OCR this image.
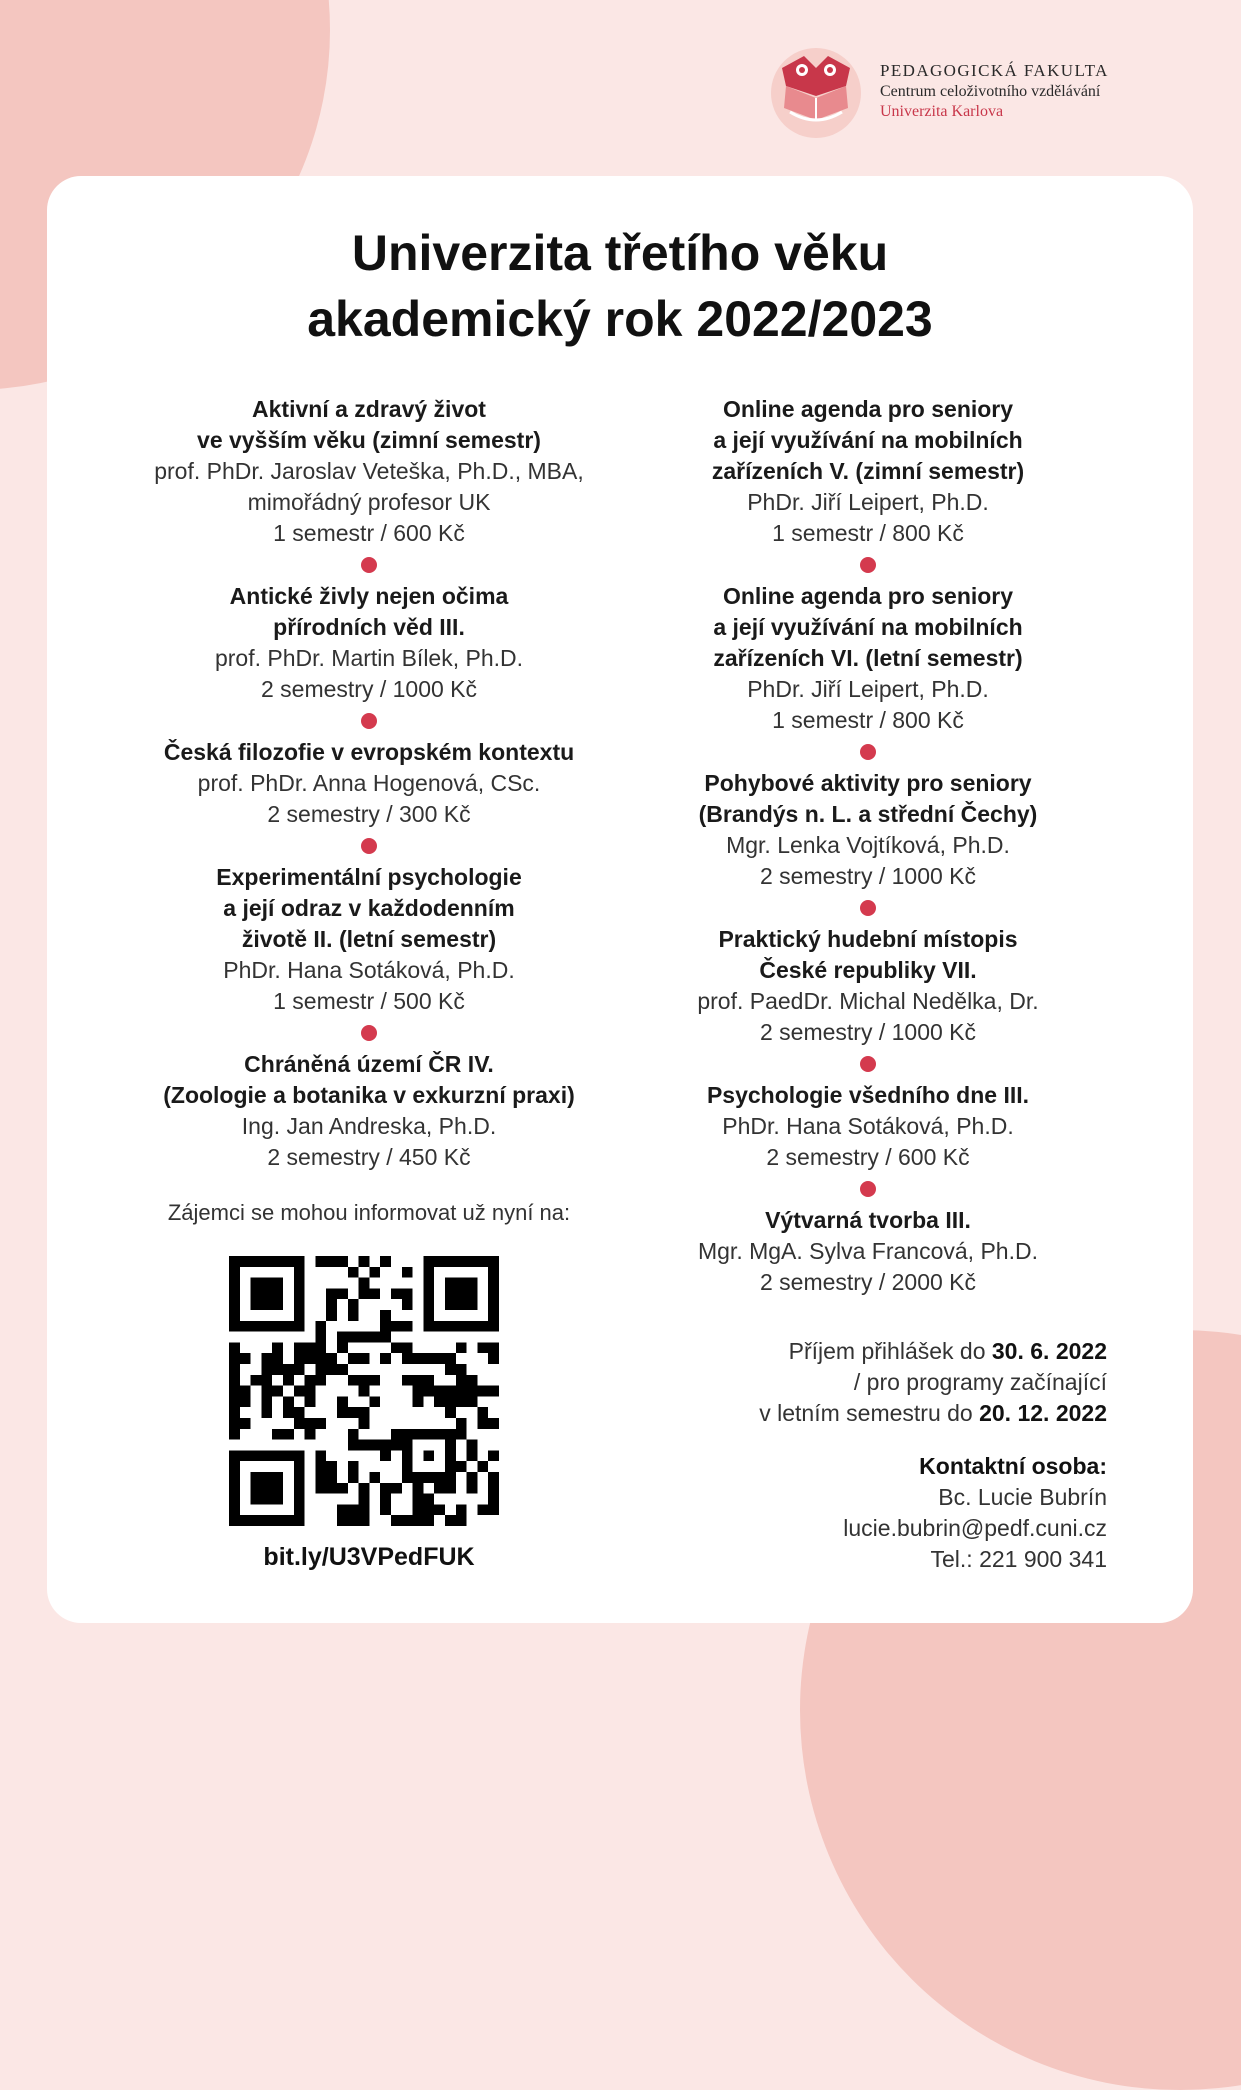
PEDAGOGICKÁ FAKULTA
Centrum celoživotního vzdělávání
Univerzita Karlova
Univerzita třetího věku
akademický rok 2022/2023
Aktivní a zdravý život
ve vyšším věku (zimní semestr)
prof. PhDr. Jaroslav Veteška, Ph.D., MBA,
mimořádný profesor UK
1 semestr / 600 Kč
Antické živly nejen očima
přírodních věd III.
prof. PhDr. Martin Bílek, Ph.D.
2 semestry / 1000 Kč
Česká filozofie v evropském kontextu
prof. PhDr. Anna Hogenová, CSc.
2 semestry / 300 Kč
Experimentální psychologie
a její odraz v každodenním
životě II. (letní semestr)
PhDr. Hana Sotáková, Ph.D.
1 semestr / 500 Kč
Chráněná území ČR IV.
(Zoologie a botanika v exkurzní praxi)
Ing. Jan Andreska, Ph.D.
2 semestry / 450 Kč
Online agenda pro seniory
a její využívání na mobilních
zařízeních V. (zimní semestr)
PhDr. Jiří Leipert, Ph.D.
1 semestr / 800 Kč
Online agenda pro seniory
a její využívání na mobilních
zařízeních VI. (letní semestr)
PhDr. Jiří Leipert, Ph.D.
1 semestr / 800 Kč
Pohybové aktivity pro seniory
(Brandýs n. L. a střední Čechy)
Mgr. Lenka Vojtíková, Ph.D.
2 semestry / 1000 Kč
Praktický hudební místopis
České republiky VII.
prof. PaedDr. Michal Nedělka, Dr.
2 semestry / 1000 Kč
Psychologie všedního dne III.
PhDr. Hana Sotáková, Ph.D.
2 semestry / 600 Kč
Výtvarná tvorba III.
Mgr. MgA. Sylva Francová, Ph.D.
2 semestry / 2000 Kč
Zájemci se mohou informovat už nyní na:
bit.ly/U3VPedFUK
Příjem přihlášek do 30. 6. 2022
/ pro programy začínající
v letním semestru do 20. 12. 2022
Kontaktní osoba:
Bc. Lucie Bubrín
lucie.bubrin@pedf.cuni.cz
Tel.: 221 900 341
